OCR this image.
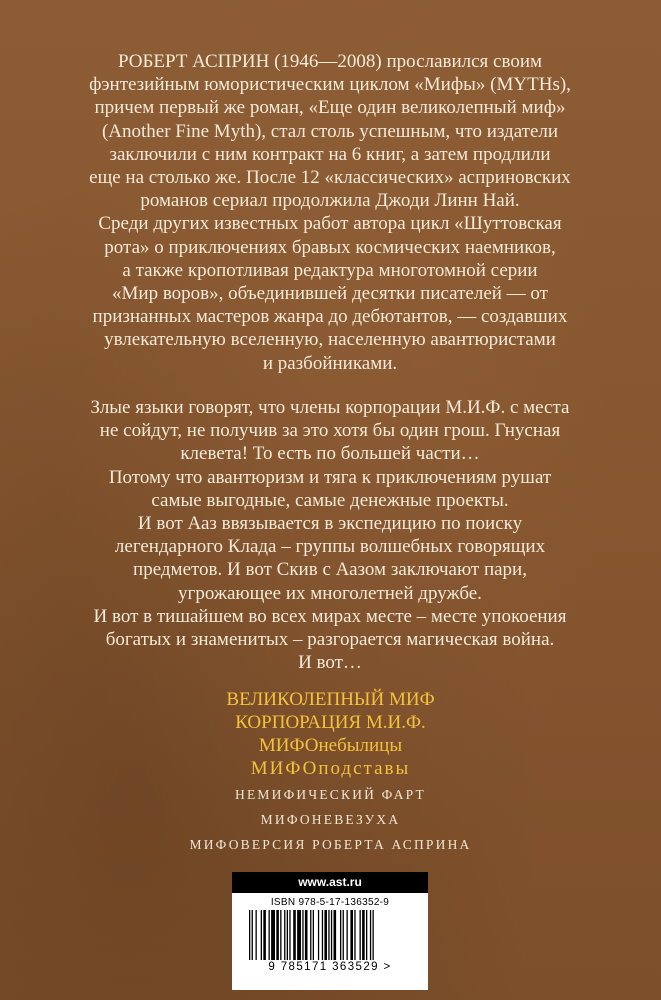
РОБЕРТ АСПРИН (1946—2008) прославился своим
фэнтезийным юмористическим циклом «Мифы» (MYTHs),
причем первый же роман, «Еще один великолепный миф»
(Another Fine Myth), стал столь успешным, что издатели
заключили с ним контракт на 6 книг, а затем продлили
еще на столько же. После 12 «классических» аспринoвских
романов сериал продолжила Джоди Линн Най.
Среди других известных работ автора цикл «Шуттовская
рота» о приключениях бравых космических наемников,
а также кропотливая редактура многотомной серии
«Мир воров», объединившей десятки писателей — от
признанных мастеров жанра до дебютантов, — создавших
увлекательную вселенную, населенную авантюристами
и разбойниками.
Злые языки говорят, что члены корпорации М.И.Ф. с места
не сойдут, не получив за это хотя бы один грош. Гнусная
клевета! То есть по большей части…
Потому что авантюризм и тяга к приключениям рушат
самые выгодные, самые денежные проекты.
И вот Ааз ввязывается в экспедицию по поиску
легендарного Клада – группы волшебных говорящих
предметов. И вот Скив с Аазом заключают пари,
угрожающее их многолетней дружбе.
И вот в тишайшем во всех мирах месте – месте упокоения
богатых и знаменитых – разгорается магическая война.
И вот…
ВЕЛИКОЛЕПНЫЙ МИФ
КОРПОРАЦИЯ М.И.Ф.
МИФОнебылицы
МИФОподставы
НЕМИФИЧЕСКИЙ ФАРТ
МИФОНЕВЕЗУХА
МИФОВЕРСИЯ РОБЕРТА АСПРИНА
www.ast.ru
ISBN 978-5-17-136352-9
9 785171 363529 >
